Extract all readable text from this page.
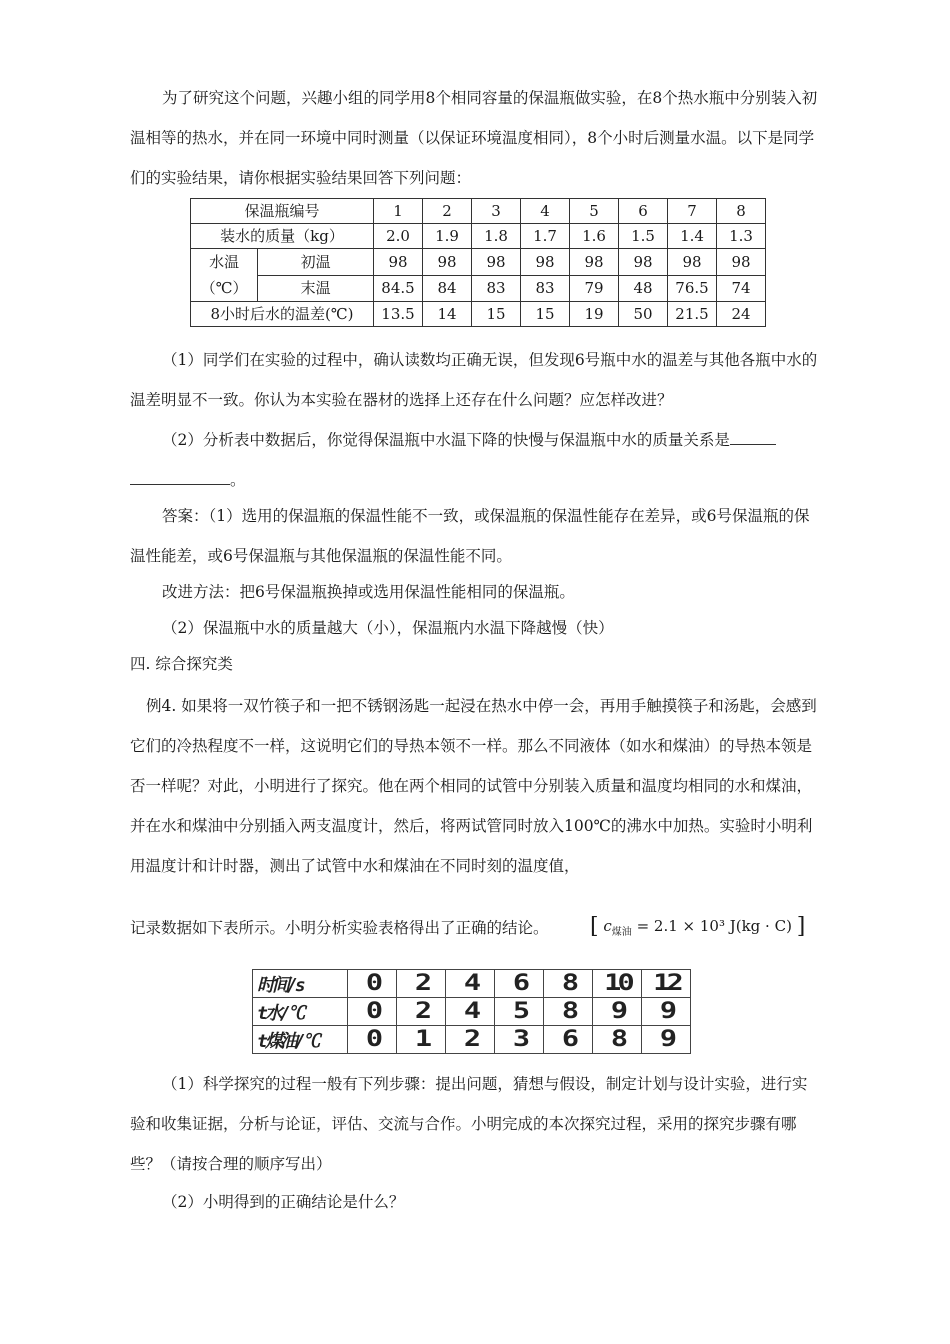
为了研究这个问题，兴趣小组的同学用8个相同容量的保温瓶做实验，在8个热水瓶中分别装入初温相等的热水，并在同一环境中同时测量（以保证环境温度相同），8个小时后测量水温。以下是同学们的实验结果，请你根据实验结果回答下列问题：

保温瓶编号		1	2	3	4	5	6	7	8
装水的质量（kg）		2.0	1.9	1.8	1.7	1.6	1.5	1.4	1.3
水温
（℃）	初温	98	98	98	98	98	98	98	98
	末温	84.5	84	83	83	79	48	76.5	74
8小时后水的温差(℃)		13.5	14	15	15	19	50	21.5	24

（1）同学们在实验的过程中，确认读数均正确无误，但发现6号瓶中水的温差与其他各瓶中水的温差明显不一致。你认为本实验在器材的选择上还存在什么问题？应怎样改进？

（2）分析表中数据后，你觉得保温瓶中水温下降的快慢与保温瓶中水的质量关系是

。

答案：（1）选用的保温瓶的保温性能不一致，或保温瓶的保温性能存在差异，或6号保温瓶的保温性能差，或6号保温瓶与其他保温瓶的保温性能不同。

改进方法：把6号保温瓶换掉或选用保温性能相同的保温瓶。

（2）保温瓶中水的质量越大（小），保温瓶内水温下降越慢（快）

四. 综合探究类

例4. 如果将一双竹筷子和一把不锈钢汤匙一起浸在热水中停一会，再用手触摸筷子和汤匙，会感到它们的冷热程度不一样，这说明它们的导热本领不一样。那么不同液体（如水和煤油）的导热本领是否一样呢？对此，小明进行了探究。他在两个相同的试管中分别装入质量和温度均相同的水和煤油，并在水和煤油中分别插入两支温度计，然后，将两试管同时放入100℃的沸水中加热。实验时小明利用温度计和计时器，测出了试管中水和煤油在不同时刻的温度值，

记录数据如下表所示。小明分析实验表格得出了正确的结论。	[ $c_{煤油} = 2.1 \times 10^3$ J(kg · C) ]
时间/s	0	2	4	6	8	10	12
t水/℃	0	2	4	5	8	9	9
t煤油/℃	0	1	2	3	6	8	9

（1）科学探究的过程一般有下列步骤：提出问题，猜想与假设，制定计划与设计实验，进行实验和收集证据，分析与论证，评估、交流与合作。小明完成的本次探究过程，采用的探究步骤有哪些？（请按合理的顺序写出）

（2）小明得到的正确结论是什么？
